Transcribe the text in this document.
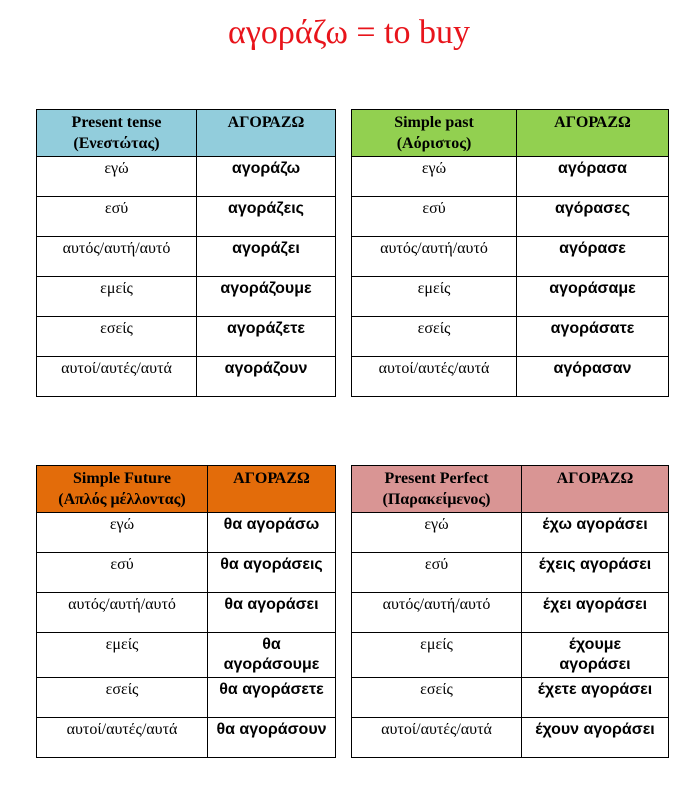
αγοράζω = to buy
Present tense
(Ενεστώτας)	ΑΓΟΡΑΖΩ
εγώ	αγοράζω
εσύ	αγοράζεις
αυτός/αυτή/αυτό	αγοράζει
εμείς	αγοράζουμε
εσείς	αγοράζετε
αυτοί/αυτές/αυτά	αγοράζουν
Simple past
(Αόριστος)	ΑΓΟΡΑΖΩ
εγώ	αγόρασα
εσύ	αγόρασες
αυτός/αυτή/αυτό	αγόρασε
εμείς	αγοράσαμε
εσείς	αγοράσατε
αυτοί/αυτές/αυτά	αγόρασαν
Simple Future
(Απλός μέλλοντας)	ΑΓΟΡΑΖΩ
εγώ	θα αγοράσω
εσύ	θα αγοράσεις
αυτός/αυτή/αυτό	θα αγοράσει
εμείς	θα
αγοράσουμε
εσείς	θα αγοράσετε
αυτοί/αυτές/αυτά	θα αγοράσουν
Present Perfect
(Παρακείμενος)	ΑΓΟΡΑΖΩ
εγώ	έχω αγοράσει
εσύ	έχεις αγοράσει
αυτός/αυτή/αυτό	έχει αγοράσει
εμείς	έχουμε
αγοράσει
εσείς	έχετε αγοράσει
αυτοί/αυτές/αυτά	έχουν αγοράσει
